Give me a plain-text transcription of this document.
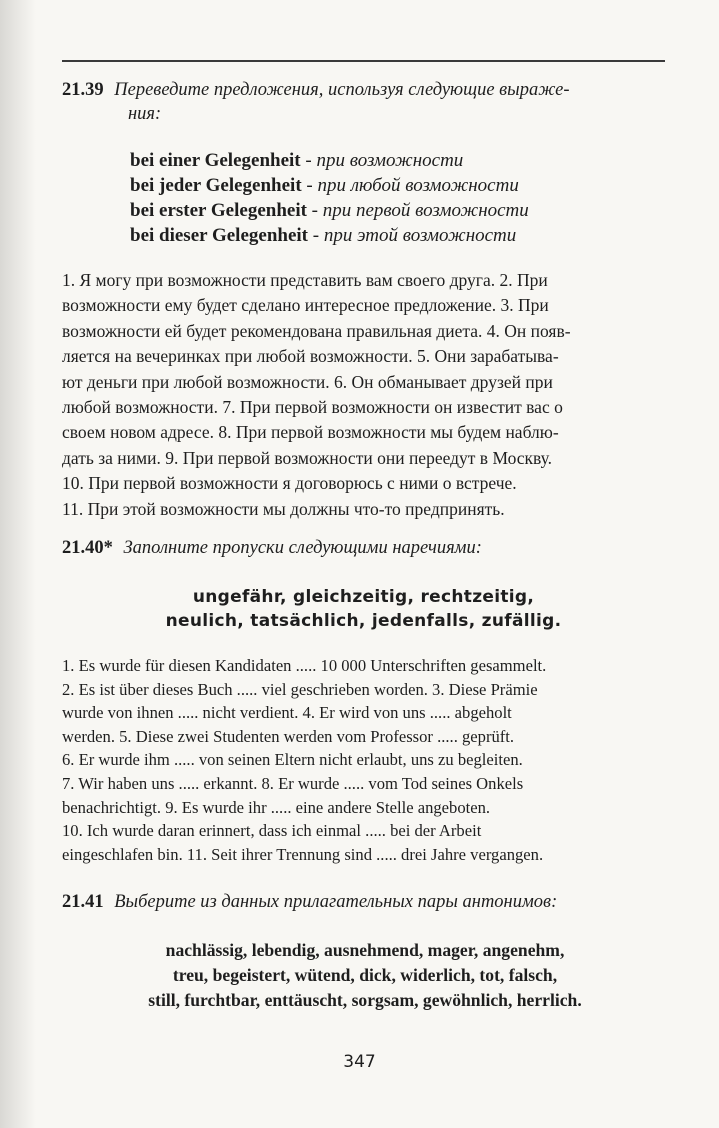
21.39 Переведите предложения, используя следующие выраже-
ния:
bei einer Gelegenheit - при возможности
bei jeder Gelegenheit - при любой возможности
bei erster Gelegenheit - при первой возможности
bei dieser Gelegenheit - при этой возможности
1. Я могу при возможности представить вам своего друга. 2. При
возможности ему будет сделано интересное предложение. 3. При
возможности ей будет рекомендована правильная диета. 4. Он появ-
ляется на вечеринках при любой возможности. 5. Они зарабатыва-
ют деньги при любой возможности. 6. Он обманывает друзей при
любой возможности. 7. При первой возможности он известит вас о
своем новом адресе. 8. При первой возможности мы будем наблю-
дать за ними. 9. При первой возможности они переедут в Москву.
10. При первой возможности я договорюсь с ними о встрече.
11. При этой возможности мы должны что-то предпринять.
21.40* Заполните пропуски следующими наречиями:
ungefähr, gleichzeitig, rechtzeitig,
neulich, tatsächlich, jedenfalls, zufällig.
1. Es wurde für diesen Kandidaten ..... 10 000 Unterschriften gesammelt.
2. Es ist über dieses Buch ..... viel geschrieben worden. 3. Diese Prämie
wurde von ihnen ..... nicht verdient. 4. Er wird von uns ..... abgeholt
werden. 5. Diese zwei Studenten werden vom Professor ..... geprüft.
6. Er wurde ihm ..... von seinen Eltern nicht erlaubt, uns zu begleiten.
7. Wir haben uns ..... erkannt. 8. Er wurde ..... vom Tod seines Onkels
benachrichtigt. 9. Es wurde ihr ..... eine andere Stelle angeboten.
10. Ich wurde daran erinnert, dass ich einmal ..... bei der Arbeit
eingeschlafen bin. 11. Seit ihrer Trennung sind ..... drei Jahre vergangen.
21.41 Выберите из данных прилагательных пары антонимов:
nachlässig, lebendig, ausnehmend, mager, angenehm,
treu, begeistert, wütend, dick, widerlich, tot, falsch,
still, furchtbar, enttäuscht, sorgsam, gewöhnlich, herrlich.
347
